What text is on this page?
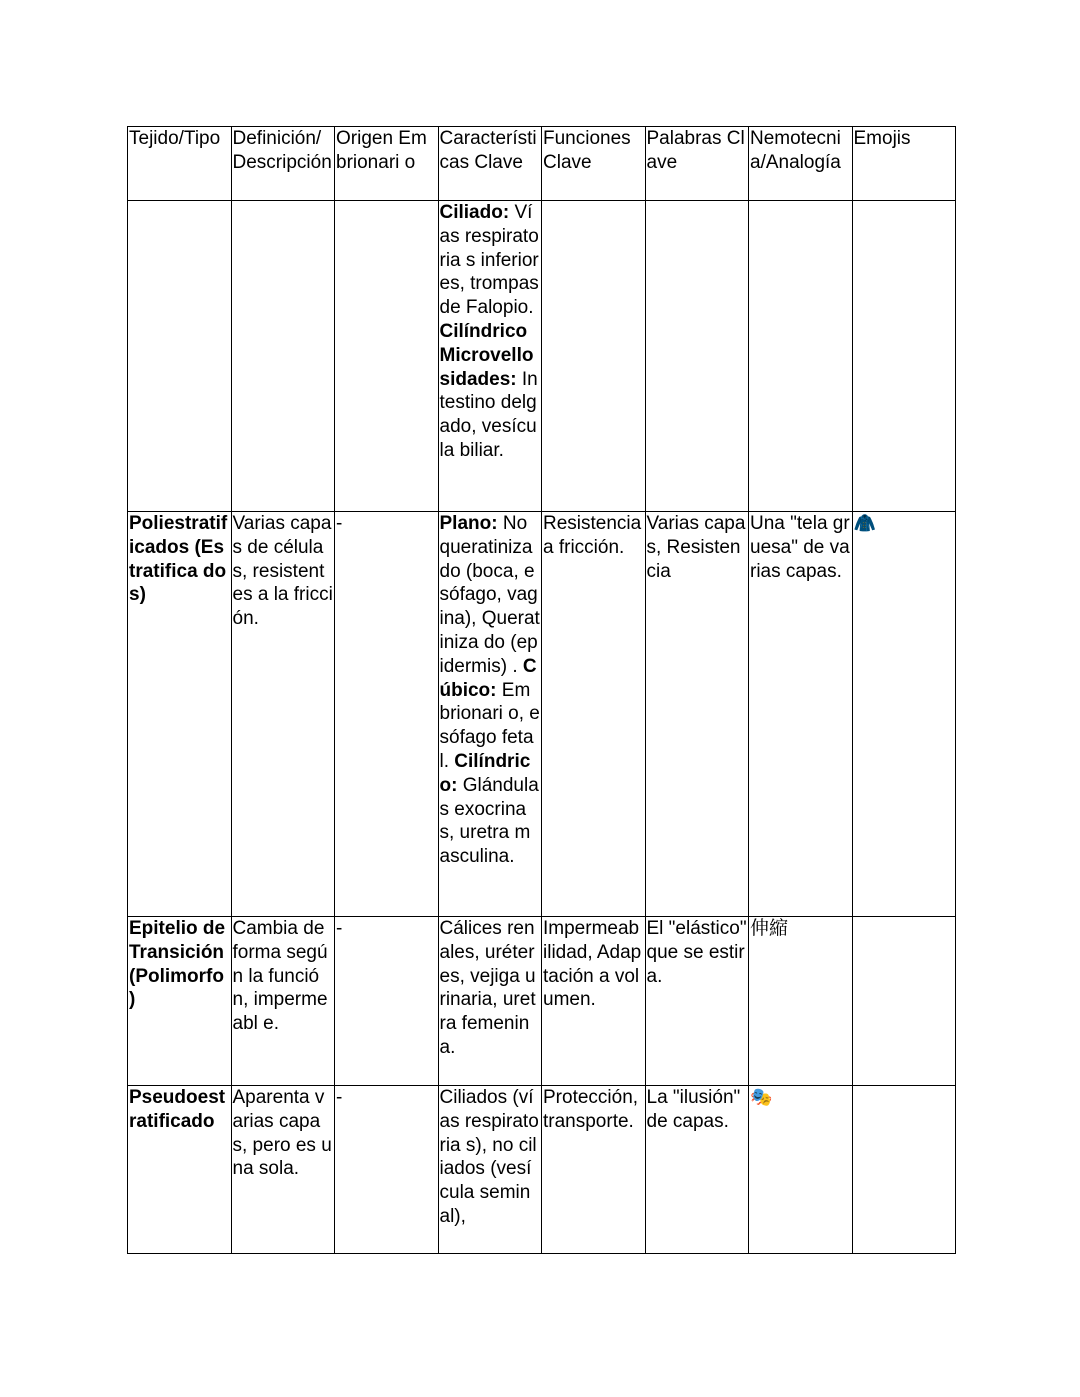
Tejido/Tipo	Definición/ Descripción	Origen Embrionari o	Característi cas Clave	Funciones Clave	Palabras Clave	Nemotecni a/Analogía	Emojis
			Ciliado: Vías respiratoria s inferiores, trompas de Falopio. Cilíndrico Microvello sidades: Intestino delgado, vesícula biliar.				
Poliestratif icados (Estratifica dos)	Varias capas de células, resistentes a la fricción.	-	Plano: No queratiniza do (boca, esófago, vagina), Queratiniza do (epidermis) . Cúbico: Embrionari o, esófago fetal. Cilíndrico: Glándulas exocrinas, uretra masculina.	Resistencia a fricción.	Varias capas, Resistencia	Una "tela gruesa" de varias capas.	🧥
Epitelio de Transición (Polimorfo )	Cambia de forma según la función, impermeabl e.	-	Cálices renales, uréteres, vejiga urinaria, uretra femenina.	Impermeab ilidad, Adaptación a volumen.	El "elástico" que se estira.	伸縮	
Pseudoest ratificado	Aparenta varias capas, pero es una sola.	-	Ciliados (vías respiratoria s), no ciliados (vesícula seminal),	Protección, transporte.	La "ilusión" de capas.	🎭	
